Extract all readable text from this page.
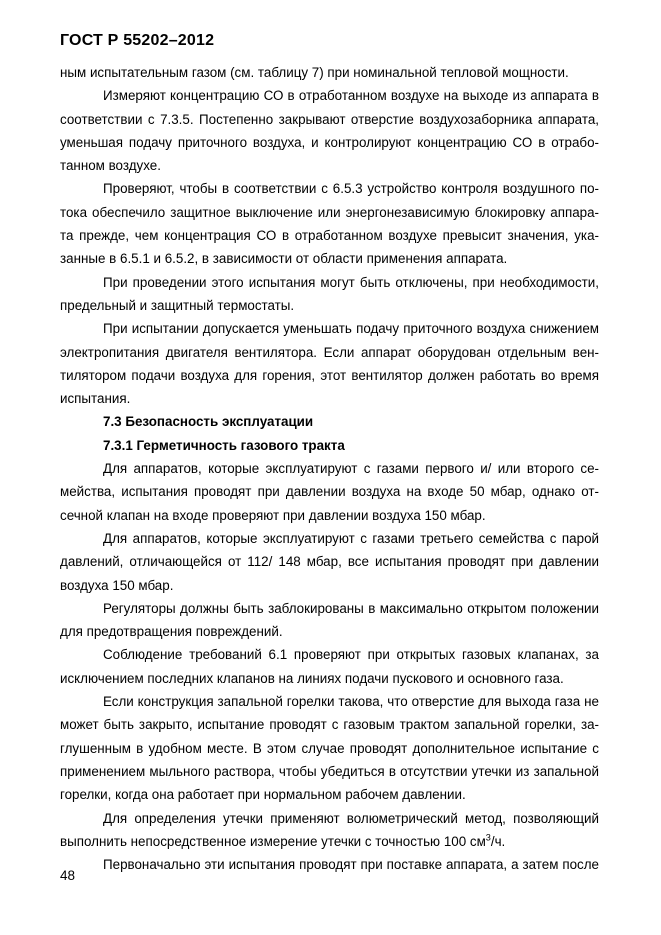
ГОСТ Р 55202–2012

ным испытательным газом (см. таблицу 7) при номинальной тепловой мощности.

Измеряют концентрацию СО в отработанном воздухе на выходе из аппарата в
соответствии с 7.3.5. Постепенно закрывают отверстие воздухозаборника аппарата,
уменьшая подачу приточного воздуха, и контролируют концентрацию СО в отрабо-
танном воздухе.

Проверяют, чтобы в соответствии с 6.5.3 устройство контроля воздушного по-
тока обеспечило защитное выключение или энергонезависимую блокировку аппара-
та прежде, чем концентрация СО в отработанном воздухе превысит значения, ука-
занные в 6.5.1 и 6.5.2, в зависимости от области применения аппарата.

При проведении этого испытания могут быть отключены, при необходимости,
предельный и защитный термостаты.

При испытании допускается уменьшать подачу приточного воздуха снижением
электропитания двигателя вентилятора. Если аппарат оборудован отдельным вен-
тилятором подачи воздуха для горения, этот вентилятор должен работать во время
испытания.

7.3 Безопасность эксплуатации
7.3.1 Герметичность газового тракта

Для аппаратов, которые эксплуатируют с газами первого и/ или второго се-
мейства, испытания проводят при давлении воздуха на входе 50 мбар, однако от-
сечной клапан на входе проверяют при давлении воздуха 150 мбар.

Для аппаратов, которые эксплуатируют с газами третьего семейства с парой
давлений, отличающейся от 112/ 148 мбар, все испытания проводят при давлении
воздуха 150 мбар.

Регуляторы должны быть заблокированы в максимально открытом положении
для предотвращения повреждений.

Соблюдение требований 6.1 проверяют при открытых газовых клапанах, за
исключением последних клапанов на линиях подачи пускового и основного газа.

Если конструкция запальной горелки такова, что отверстие для выхода газа не
может быть закрыто, испытание проводят с газовым трактом запальной горелки, за-
глушенным в удобном месте. В этом случае проводят дополнительное испытание с
применением мыльного раствора, чтобы убедиться в отсутствии утечки из запальной
горелки, когда она работает при нормальном рабочем давлении.

Для определения утечки применяют волюметрический метод, позволяющий
выполнить непосредственное измерение утечки с точностью 100 $см^3/ч$.

Первоначально эти испытания проводят при поставке аппарата, а затем после

48
